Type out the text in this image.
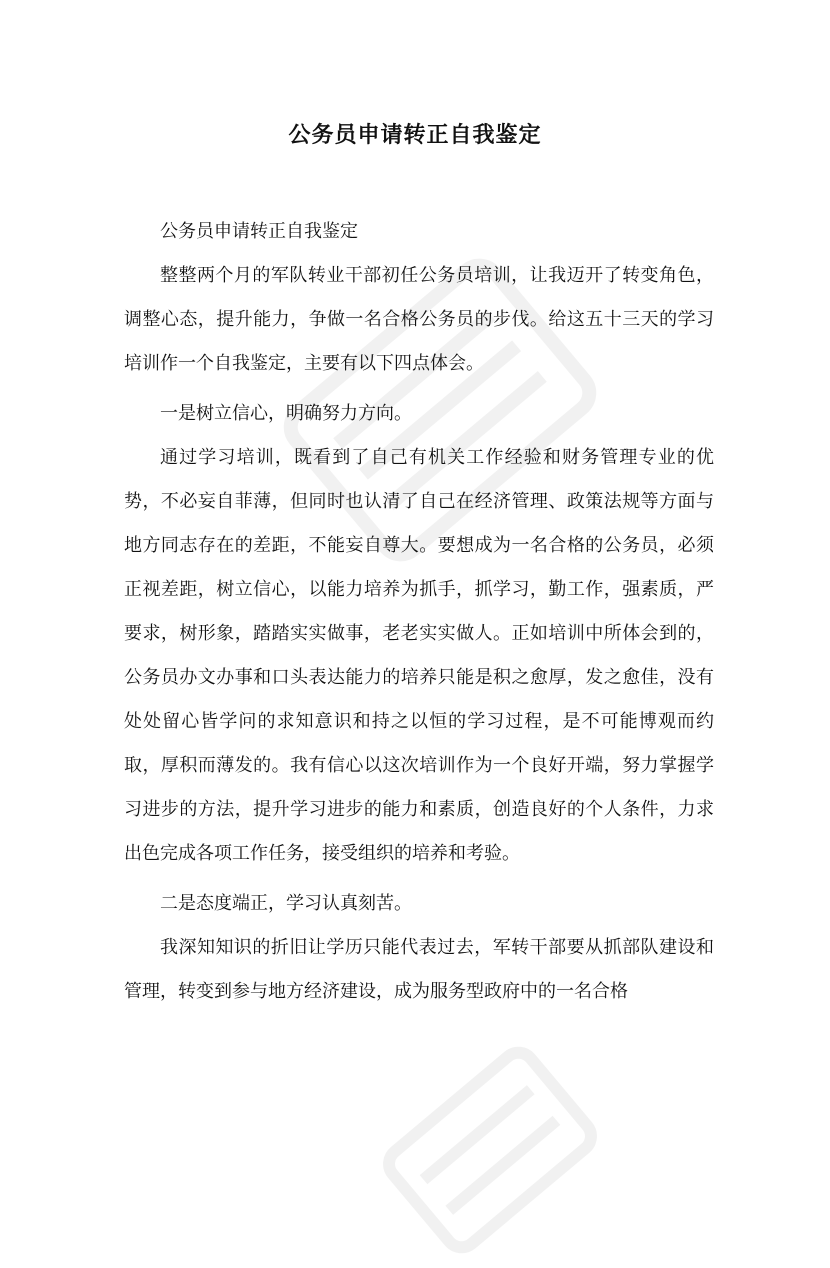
公务员申请转正自我鉴定

公务员申请转正自我鉴定

整整两个月的军队转业干部初任公务员培训，让我迈开了转变角色，调整心态，提升能力，争做一名合格公务员的步伐。给这五十三天的学习培训作一个自我鉴定，主要有以下四点体会。

一是树立信心，明确努力方向。

通过学习培训，既看到了自己有机关工作经验和财务管理专业的优势，不必妄自菲薄，但同时也认清了自己在经济管理、政策法规等方面与地方同志存在的差距，不能妄自尊大。要想成为一名合格的公务员，必须正视差距，树立信心，以能力培养为抓手，抓学习，勤工作，强素质，严要求，树形象，踏踏实实做事，老老实实做人。正如培训中所体会到的，公务员办文办事和口头表达能力的培养只能是积之愈厚，发之愈佳，没有处处留心皆学问的求知意识和持之以恒的学习过程，是不可能博观而约取，厚积而薄发的。我有信心以这次培训作为一个良好开端，努力掌握学习进步的方法，提升学习进步的能力和素质，创造良好的个人条件，力求出色完成各项工作任务，接受组织的培养和考验。

二是态度端正，学习认真刻苦。

我深知知识的折旧让学历只能代表过去，军转干部要从抓部队建设和管理，转变到参与地方经济建设，成为服务型政府中的一名合格
